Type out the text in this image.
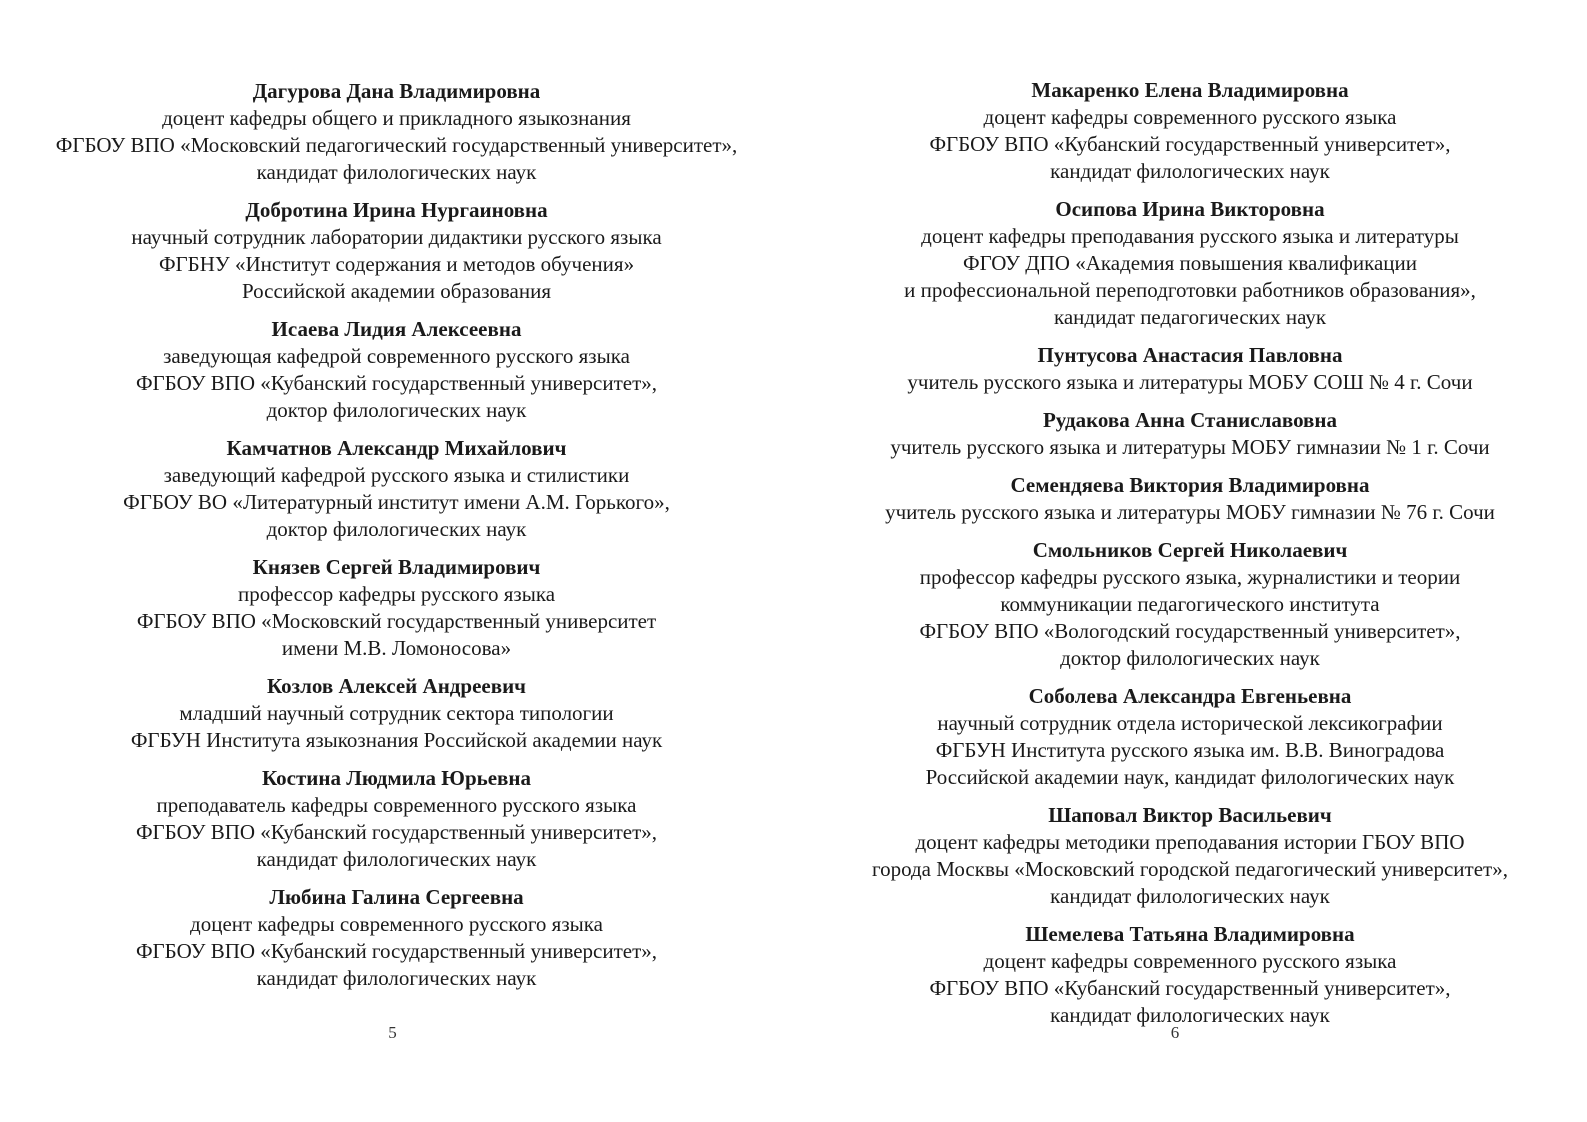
Дагурова Дана Владимировна
доцент кафедры общего и прикладного языкознания
ФГБОУ ВПО «Московский педагогический государственный университет»,
кандидат филологических наук
Добротина Ирина Нургаиновна
научный сотрудник лаборатории дидактики русского языка
ФГБНУ «Институт содержания и методов обучения»
Российской академии образования
Исаева Лидия Алексеевна
заведующая кафедрой современного русского языка
ФГБОУ ВПО «Кубанский государственный университет»,
доктор филологических наук
Камчатнов Александр Михайлович
заведующий кафедрой русского языка и стилистики
ФГБОУ ВО «Литературный институт имени А.М. Горького»,
доктор филологических наук
Князев Сергей Владимирович
профессор кафедры русского языка
ФГБОУ ВПО «Московский государственный университет
имени М.В. Ломоносова»
Козлов Алексей Андреевич
младший научный сотрудник сектора типологии
ФГБУН Института языкознания Российской академии наук
Костина Людмила Юрьевна
преподаватель кафедры современного русского языка
ФГБОУ ВПО «Кубанский государственный университет»,
кандидат филологических наук
Любина Галина Сергеевна
доцент кафедры современного русского языка
ФГБОУ ВПО «Кубанский государственный университет»,
кандидат филологических наук
5
Макаренко Елена Владимировна
доцент кафедры современного русского языка
ФГБОУ ВПО «Кубанский государственный университет»,
кандидат филологических наук
Осипова Ирина Викторовна
доцент кафедры преподавания русского языка и литературы
ФГОУ ДПО «Академия повышения квалификации
и профессиональной переподготовки работников образования»,
кандидат педагогических наук
Пунтусова Анастасия Павловна
учитель русского языка и литературы МОБУ СОШ № 4 г. Сочи
Рудакова Анна Станиславовна
учитель русского языка и литературы МОБУ гимназии № 1 г. Сочи
Семендяева Виктория Владимировна
учитель русского языка и литературы МОБУ гимназии № 76 г. Сочи
Смольников Сергей Николаевич
профессор кафедры русского языка, журналистики и теории
коммуникации педагогического института
ФГБОУ ВПО «Вологодский государственный университет»,
доктор филологических наук
Соболева Александра Евгеньевна
научный сотрудник отдела исторической лексикографии
ФГБУН Института русского языка им. В.В. Виноградова
Российской академии наук, кандидат филологических наук
Шаповал Виктор Васильевич
доцент кафедры методики преподавания истории ГБОУ ВПО
города Москвы «Московский городской педагогический университет»,
кандидат филологических наук
Шемелева Татьяна Владимировна
доцент кафедры современного русского языка
ФГБОУ ВПО «Кубанский государственный университет»,
кандидат филологических наук
6
